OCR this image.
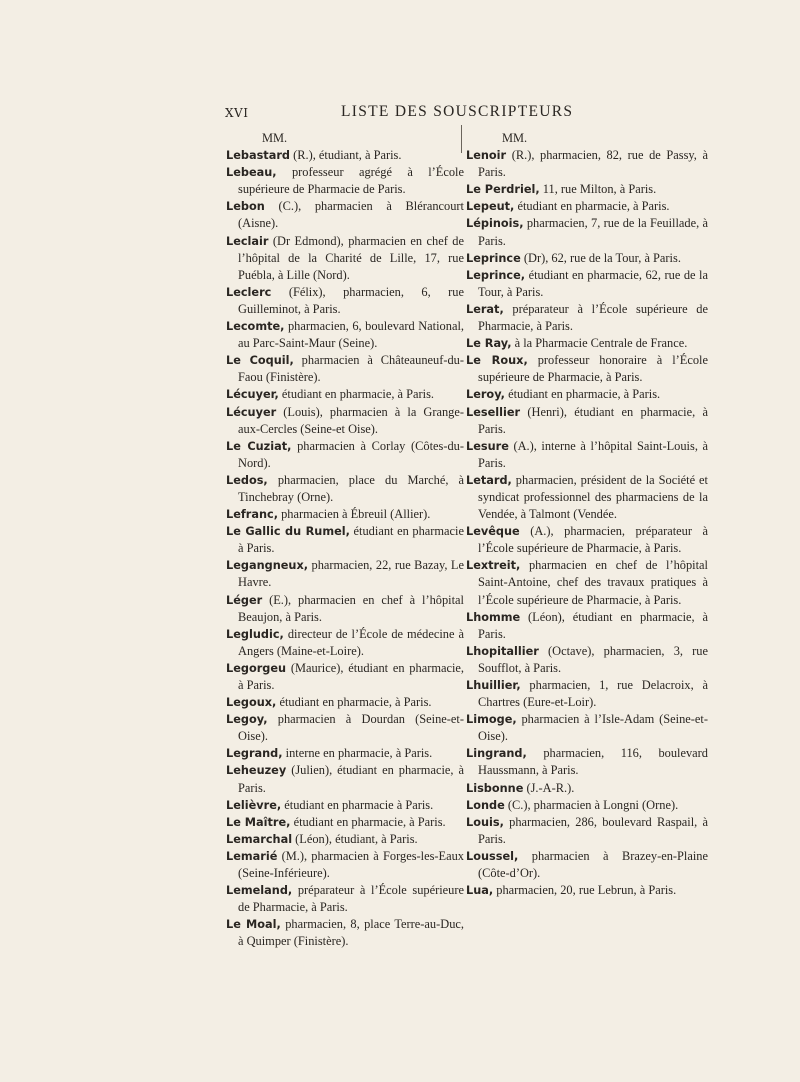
XVI	LISTE DES SOUSCRIPTEURS
MM.
Lebastard (R.), étudiant, à Paris.
Lebeau, professeur agrégé à l’École supérieure de Pharmacie de Paris.
Lebon (C.), pharmacien à Blérancourt (Aisne).
Leclair (Dr Edmond), pharmacien en chef de l’hôpital de la Charité de Lille, 17, rue Puébla, à Lille (Nord).
Leclerc (Félix), pharmacien, 6, rue Guilleminot, à Paris.
Lecomte, pharmacien, 6, boulevard National, au Parc-Saint-Maur (Seine).
Le Coquil, pharmacien à Châteauneuf-du-Faou (Finistère).
Lécuyer, étudiant en pharmacie, à Paris.
Lécuyer (Louis), pharmacien à la Grange-aux-Cercles (Seine-et Oise).
Le Cuziat, pharmacien à Corlay (Côtes-du-Nord).
Ledos, pharmacien, place du Marché, à Tinchebray (Orne).
Lefranc, pharmacien à Ébreuil (Allier).
Le Gallic du Rumel, étudiant en pharmacie à Paris.
Legangneux, pharmacien, 22, rue Bazay, Le Havre.
Léger (E.), pharmacien en chef à l’hôpital Beaujon, à Paris.
Legludic, directeur de l’École de médecine à Angers (Maine-et-Loire).
Legorgeu (Maurice), étudiant en pharmacie, à Paris.
Legoux, étudiant en pharmacie, à Paris.
Legoy, pharmacien à Dourdan (Seine-et-Oise).
Legrand, interne en pharmacie, à Paris.
Leheuzey (Julien), étudiant en pharmacie, à Paris.
Lelièvre, étudiant en pharmacie à Paris.
Le Maître, étudiant en pharmacie, à Paris.
Lemarchal (Léon), étudiant, à Paris.
Lemarié (M.), pharmacien à Forges-les-Eaux (Seine-Inférieure).
Lemeland, préparateur à l’École supérieure de Pharmacie, à Paris.
Le Moal, pharmacien, 8, place Terre-au-Duc, à Quimper (Finistère).
MM.
Lenoir (R.), pharmacien, 82, rue de Passy, à Paris.
Le Perdriel, 11, rue Milton, à Paris.
Lepeut, étudiant en pharmacie, à Paris.
Lépinois, pharmacien, 7, rue de la Feuillade, à Paris.
Leprince (Dr), 62, rue de la Tour, à Paris.
Leprince, étudiant en pharmacie, 62, rue de la Tour, à Paris.
Lerat, préparateur à l’École supérieure de Pharmacie, à Paris.
Le Ray, à la Pharmacie Centrale de France.
Le Roux, professeur honoraire à l’École supérieure de Pharmacie, à Paris.
Leroy, étudiant en pharmacie, à Paris.
Lesellier (Henri), étudiant en pharmacie, à Paris.
Lesure (A.), interne à l’hôpital Saint-Louis, à Paris.
Letard, pharmacien, président de la Société et syndicat professionnel des pharmaciens de la Vendée, à Talmont (Vendée.
Levêque (A.), pharmacien, préparateur à l’École supérieure de Pharmacie, à Paris.
Lextreit, pharmacien en chef de l’hôpital Saint-Antoine, chef des travaux pratiques à l’École supérieure de Pharmacie, à Paris.
Lhomme (Léon), étudiant en pharmacie, à Paris.
Lhopitallier (Octave), pharmacien, 3, rue Soufflot, à Paris.
Lhuillier, pharmacien, 1, rue Delacroix, à Chartres (Eure-et-Loir).
Limoge, pharmacien à l’Isle-Adam (Seine-et-Oise).
Lingrand, pharmacien, 116, boulevard Haussmann, à Paris.
Lisbonne (J.-A-R.).
Londe (C.), pharmacien à Longni (Orne).
Louis, pharmacien, 286, boulevard Raspail, à Paris.
Loussel, pharmacien à Brazey-en-Plaine (Côte-d’Or).
Lua, pharmacien, 20, rue Lebrun, à Paris.
